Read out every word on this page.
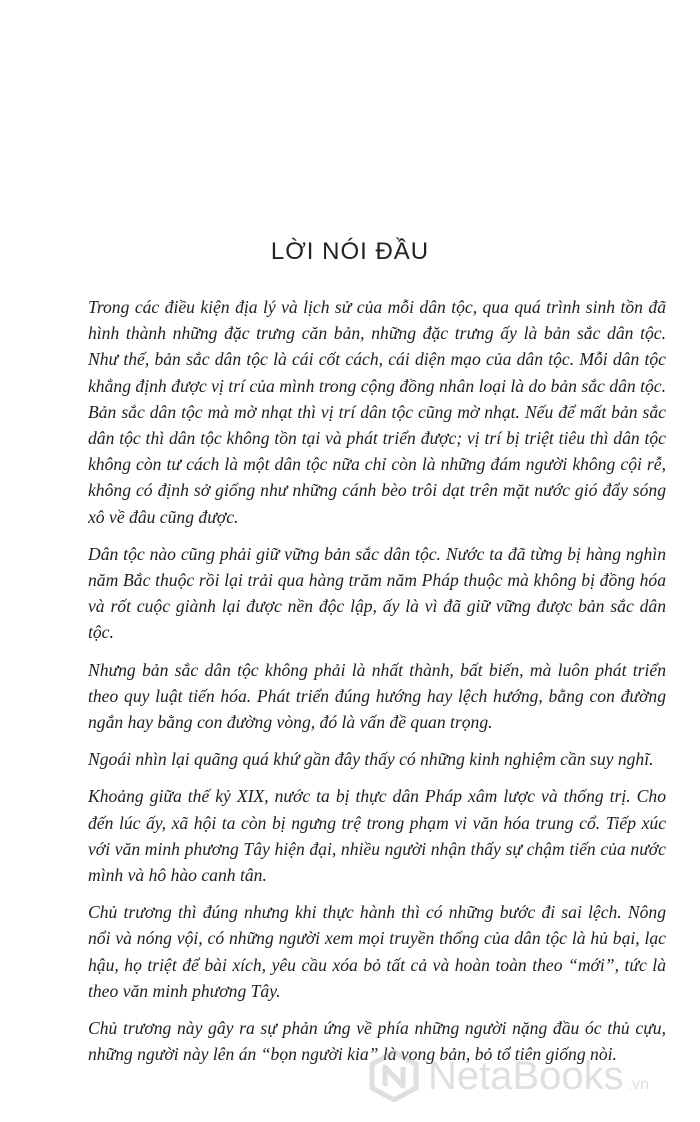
LỜI NÓI ĐẦU

Trong các điều kiện địa lý và lịch sử của mỗi dân tộc, qua quá trình sinh tồn đã hình thành những đặc trưng căn bản, những đặc trưng ấy là bản sắc dân tộc. Như thế, bản sắc dân tộc là cái cốt cách, cái diện mạo của dân tộc. Mỗi dân tộc khẳng định được vị trí của mình trong cộng đồng nhân loại là do bản sắc dân tộc. Bản sắc dân tộc mà mờ nhạt thì vị trí dân tộc cũng mờ nhạt. Nếu để mất bản sắc dân tộc thì dân tộc không tồn tại và phát triển được; vị trí bị triệt tiêu thì dân tộc không còn tư cách là một dân tộc nữa chỉ còn là những đám người không cội rễ, không có định sở giống như những cánh bèo trôi dạt trên mặt nước gió đẩy sóng xô về đâu cũng được.

Dân tộc nào cũng phải giữ vững bản sắc dân tộc. Nước ta đã từng bị hàng nghìn năm Bắc thuộc rồi lại trải qua hàng trăm năm Pháp thuộc mà không bị đồng hóa và rốt cuộc giành lại được nền độc lập, ấy là vì đã giữ vững được bản sắc dân tộc.

Nhưng bản sắc dân tộc không phải là nhất thành, bất biến, mà luôn phát triển theo quy luật tiến hóa. Phát triển đúng hướng hay lệch hướng, bằng con đường ngắn hay bằng con đường vòng, đó là vấn đề quan trọng.

Ngoái nhìn lại quãng quá khứ gần đây thấy có những kinh nghiệm cần suy nghĩ.

Khoảng giữa thế kỷ XIX, nước ta bị thực dân Pháp xâm lược và thống trị. Cho đến lúc ấy, xã hội ta còn bị ngưng trệ trong phạm vi văn hóa trung cổ. Tiếp xúc với văn minh phương Tây hiện đại, nhiều người nhận thấy sự chậm tiến của nước mình và hô hào canh tân.

Chủ trương thì đúng nhưng khi thực hành thì có những bước đi sai lệch. Nông nổi và nóng vội, có những người xem mọi truyền thống của dân tộc là hủ bại, lạc hậu, họ triệt để bài xích, yêu cầu xóa bỏ tất cả và hoàn toàn theo “mới”, tức là theo văn minh phương Tây.

Chủ trương này gây ra sự phản ứng về phía những người nặng đầu óc thủ cựu, những người này lên án “bọn người kia” là vong bản, bỏ tổ tiên giống nòi.

NetaBooks .vn
